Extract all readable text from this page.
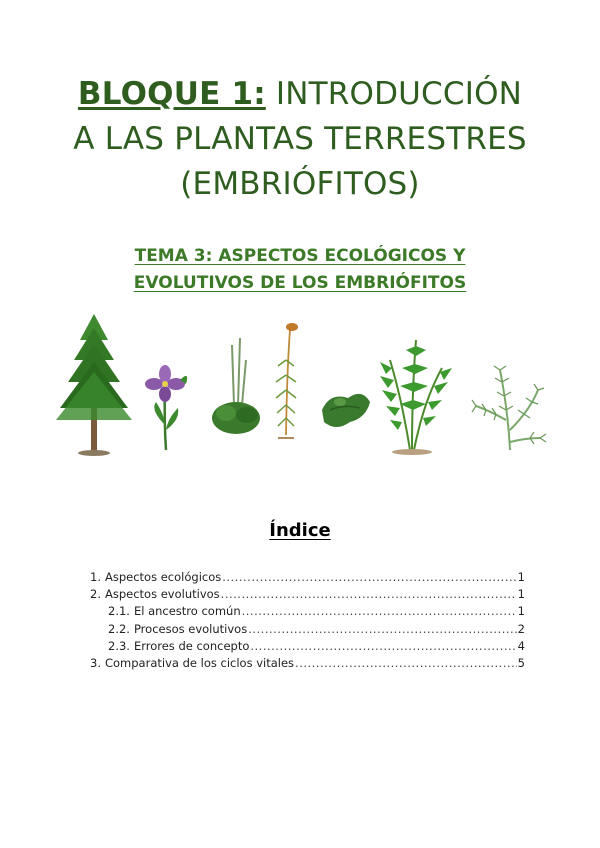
BLOQUE 1: INTRODUCCIÓN
A LAS PLANTAS TERRESTRES
(EMBRIÓFITOS)
TEMA 3: ASPECTOS ECOLÓGICOS Y
EVOLUTIVOS DE LOS EMBRIÓFITOS
Índice
1. Aspectos ecológicos .....	1
2. Aspectos evolutivos .....	1
2.1. El ancestro común .....	1
2.2. Procesos evolutivos .....	2
2.3. Errores de concepto .....	4
3. Comparativa de los ciclos vitales .....	5
